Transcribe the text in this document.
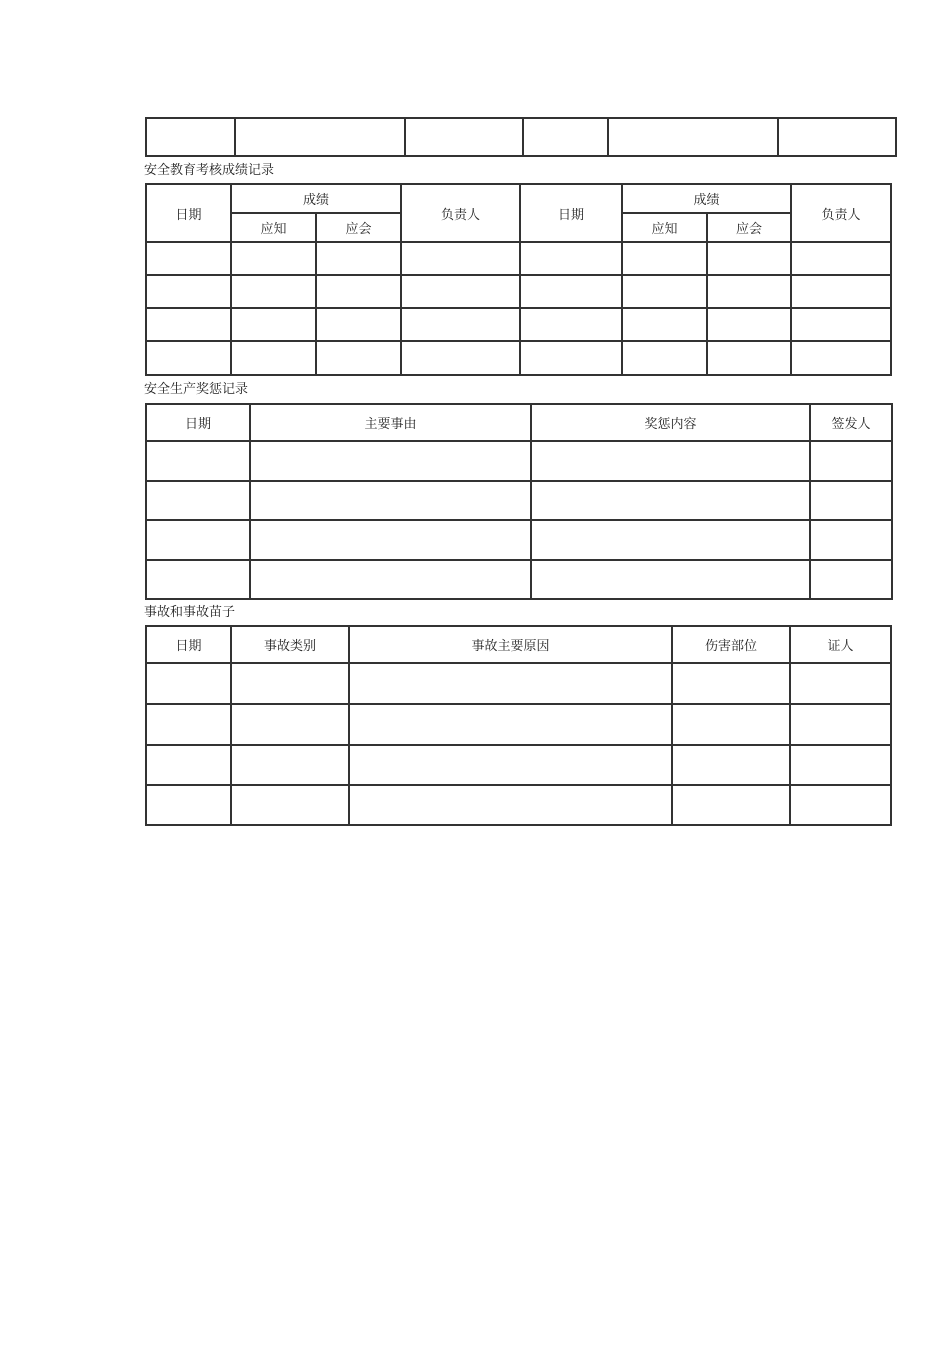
安全教育考核成绩记录
日期	成绩		负责人	日期	成绩		负责人
	应知	应会			应知	应会	

安全生产奖惩记录
日期	主要事由	奖惩内容	签发人

事故和事故苗子
日期	事故类别	事故主要原因	伤害部位	证人
